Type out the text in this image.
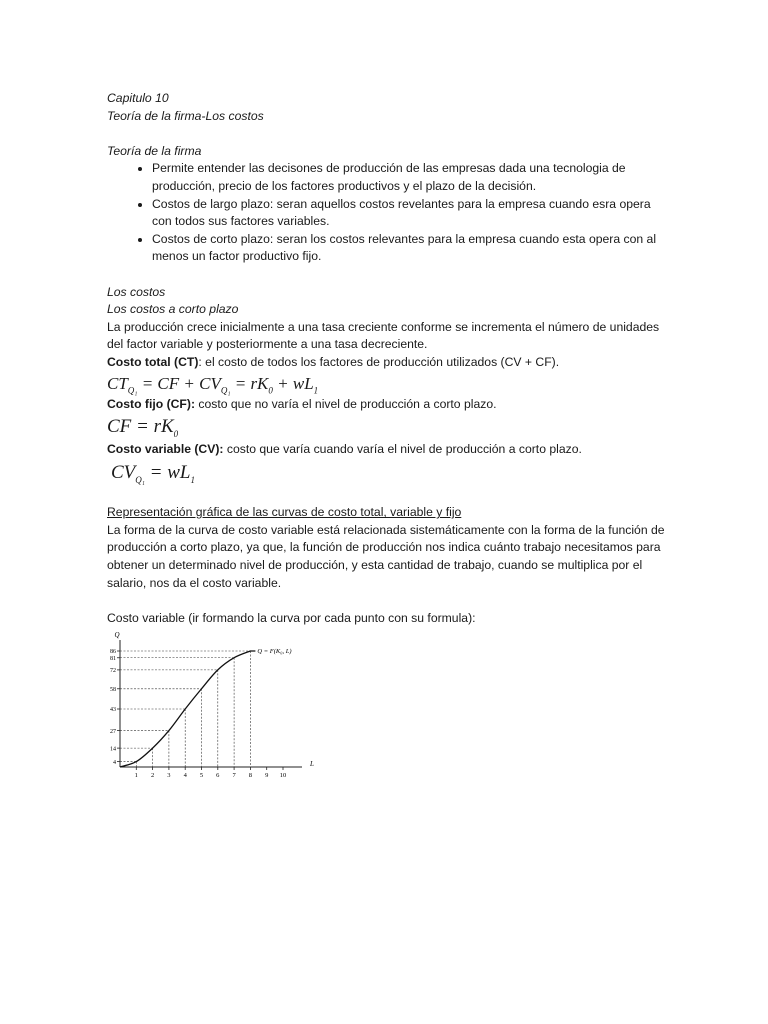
Capitulo 10
Teoría de la firma-Los costos
Teoría de la firma
• Permite entender las decisones de producción de las empresas dada una tecnologia de producción, precio de los factores productivos y el plazo de la decisión.
• Costos de largo plazo: seran aquellos costos revelantes para la empresa cuando esra opera con todos sus factores variables.
• Costos de corto plazo: seran los costos relevantes para la empresa cuando esta opera con al menos un factor productivo fijo.
Los costos
Los costos a corto plazo
La producción crece inicialmente a una tasa creciente conforme se incrementa el número de unidades del factor variable y posteriormente a una tasa decreciente.
Costo total (CT): el costo de todos los factores de producción utilizados (CV + CF).
$CT_{Q_1}$ = CF + $CV_{Q_1} = rK_0 + wL_1$
Costo fijo (CF): costo que no varía el nivel de producción a corto plazo.
CF = $rK_0$
Costo variable (CV): costo que varía cuando varía el nivel de producción a corto plazo.
$CV_{Q_1} = wL_1$
Representación gráfica de las curvas de costo total, variable y fijo
La forma de la curva de costo variable está relacionada sistemáticamente con la forma de la función de producción a corto plazo, ya que, la función de producción nos indica cuánto trabajo necesitamos para obtener un determinado nivel de producción, y esta cantidad de trabajo, cuando se multiplica por el salario, nos da el costo variable.
Costo variable (ir formando la curva por cada punto con su formula):
Q
L
1 2 3 4 5 6 7 8 9 10
4
14
27
43
58
72
81
86	Q = F(K₀, L)
